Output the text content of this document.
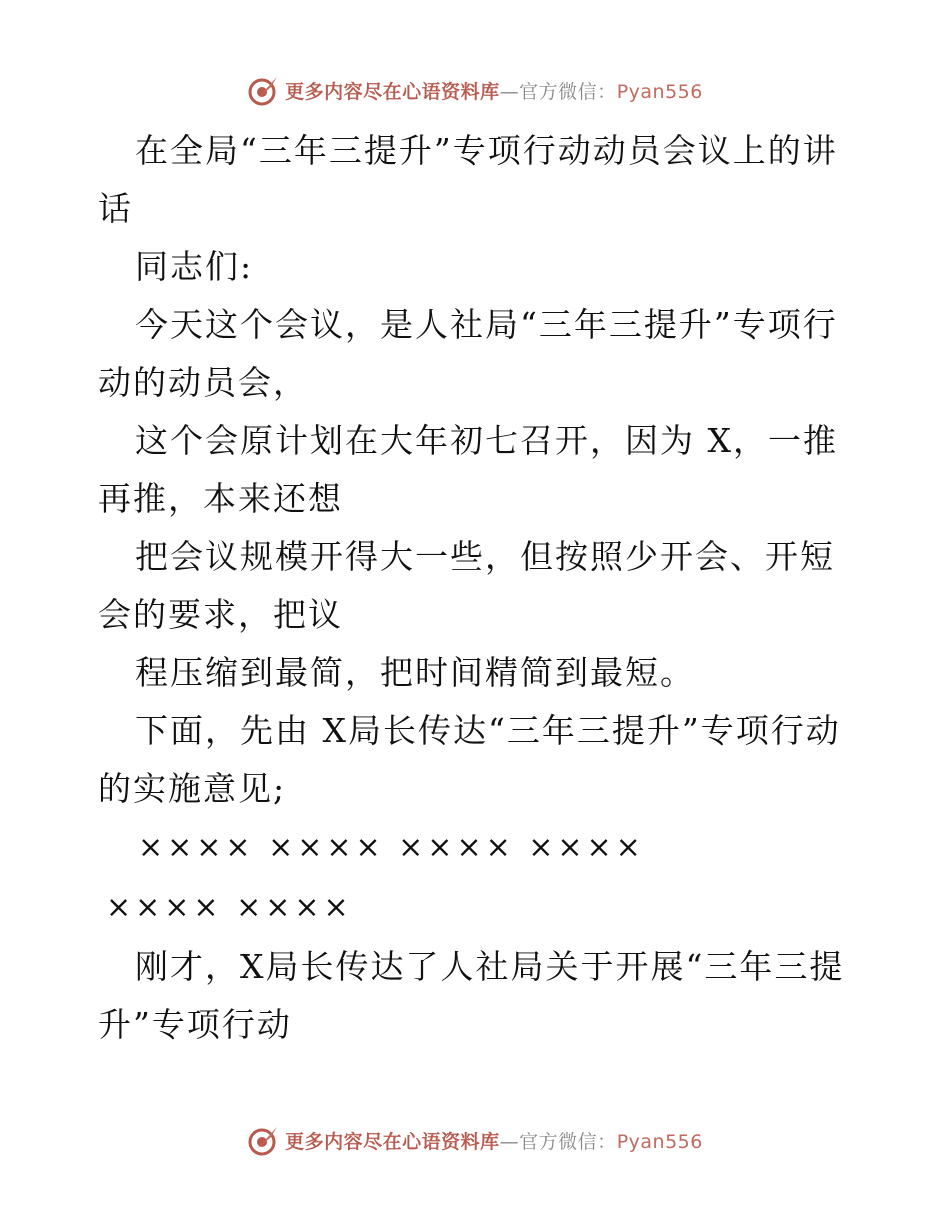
更多内容尽在心语资料库—官方微信：Pyan556

在全局“三年三提升”专项行动动员会议上的讲话

同志们:

今天这个会议，是人社局“三年三提升”专项行动的动员会，

这个会原计划在大年初七召开，因为 X，一推再推，本来还想

把会议规模开得大一些，但按照少开会、开短会的要求，把议

程压缩到最简，把时间精简到最短。

下面，先由 X局长传达“三年三提升”专项行动的实施意见;

×××× ×××× ×××× ××××

×××× ××××

刚才，X局长传达了人社局关于开展“三年三提升”专项行动

更多内容尽在心语资料库—官方微信：Pyan556
